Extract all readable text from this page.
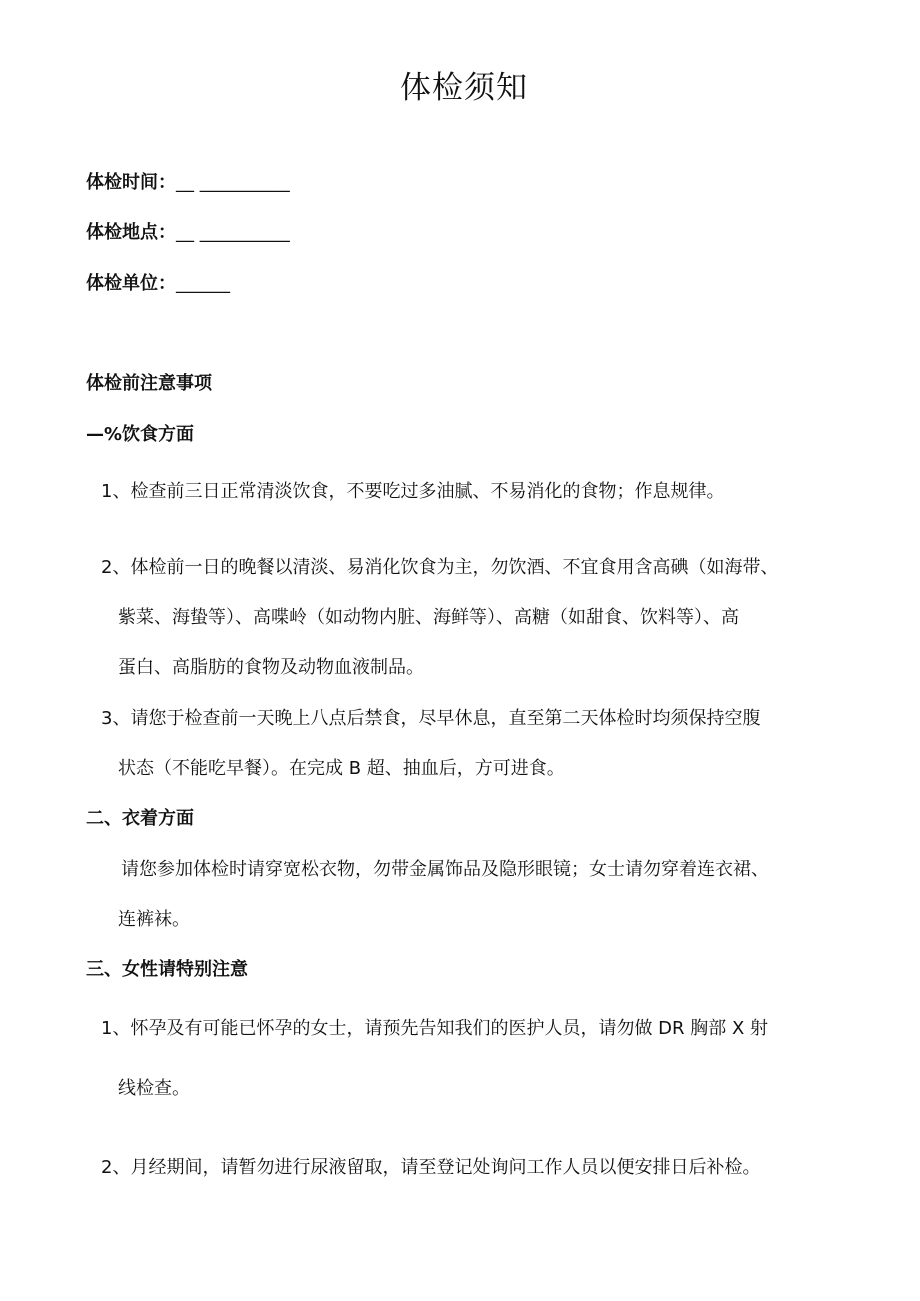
体检须知
体检时间：__ __________
体检地点：__ __________
体检单位：______
体检前注意事项
—%饮食方面
1、检查前三日正常清淡饮食，不要吃过多油腻、不易消化的食物；作息规律。
2、体检前一日的晚餐以清淡、易消化饮食为主，勿饮酒、不宜食用含高碘（如海带、
紫菜、海蛰等）、高喋岭（如动物内脏、海鲜等）、高糖（如甜食、饮料等）、高
蛋白、高脂肪的食物及动物血液制品。
3、请您于检查前一天晚上八点后禁食，尽早休息，直至第二天体检时均须保持空腹
状态（不能吃早餐）。在完成 B 超、抽血后，方可进食。
二、衣着方面
请您参加体检时请穿宽松衣物，勿带金属饰品及隐形眼镜；女士请勿穿着连衣裙、
连裤袜。
三、女性请特别注意
1、怀孕及有可能已怀孕的女士，请预先告知我们的医护人员，请勿做 DR 胸部 X 射
线检查。
2、月经期间，请暂勿进行尿液留取，请至登记处询问工作人员以便安排日后补检。
